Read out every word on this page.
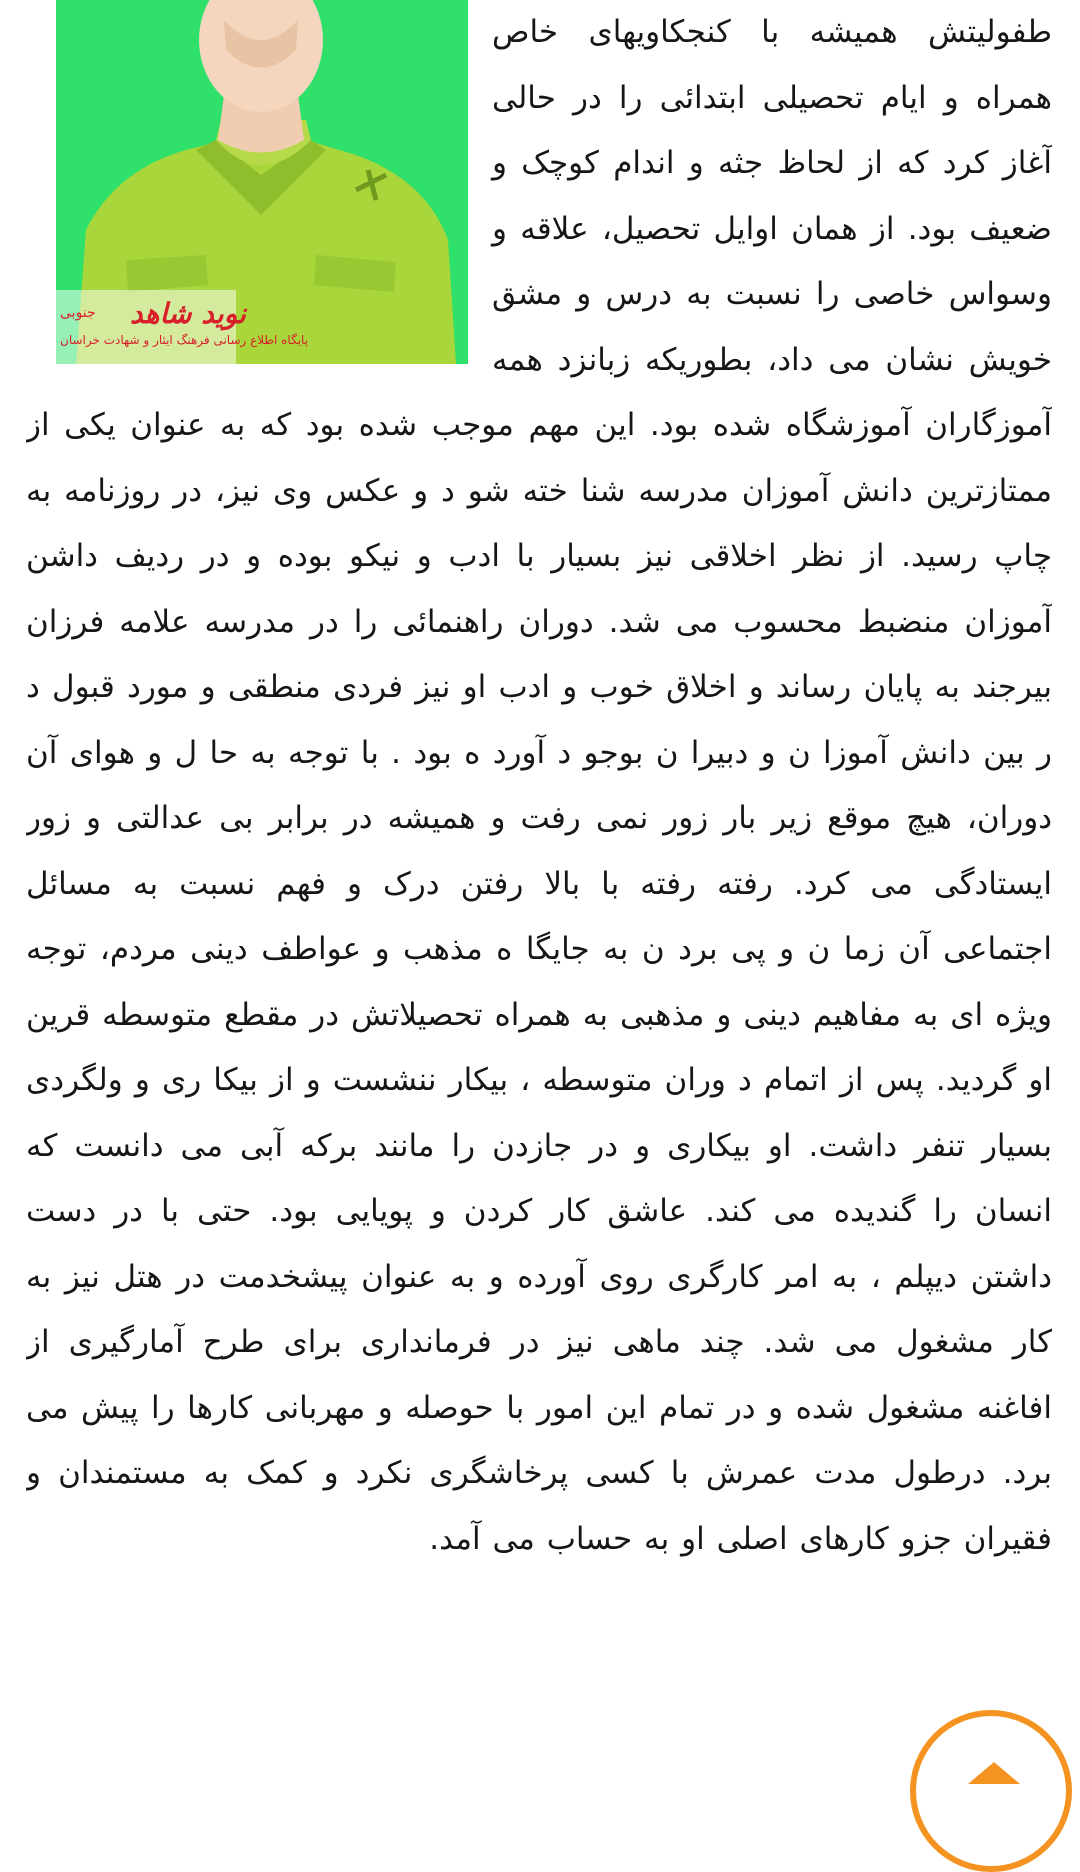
نوید شاهد
جنوبی
پایگاه اطلاع رسانی فرهنگ ایثار و شهادت خراسان

طفولیتش همیشه با کنجکاویهای خاص همراه و ایام تحصیلی ابتدائی را در حالی آغاز کرد که از لحاظ جثه و اندام کوچک و ضعیف بود. از همان اوایل تحصیل، علاقه و وسواس خاصی را نسبت به درس و مشق خویش نشان می داد، بطوریکه زبانزد همه آموزگاران آموزشگاه شده بود. این مهم موجب شده بود که به عنوان یکی از ممتازترین دانش آموزان مدرسه شنا خته شو د و عکس وی نیز، در روزنامه به چاپ رسید. از نظر اخلاقی نیز بسیار با ادب و نیکو بوده و در ردیف داشن آموزان منضبط محسوب می شد. دوران راهنمائی را در مدرسه علامه فرزان بیرجند به پایان رساند و اخلاق خوب و ادب او نیز فردی منطقی و مورد قبول د ر بین دانش آموزا ن و دبیرا ن بوجو د آورد ه بود . با توجه به حا ل و هوای آن دوران، هیچ موقع زیر بار زور نمی رفت و همیشه در برابر بی عدالتی و زور ایستادگی می کرد. رفته رفته با بالا رفتن درک و فهم نسبت به مسائل اجتماعی آن زما ن و پی برد ن به جایگا ه مذهب و عواطف دینی مردم، توجه ویژه ای به مفاهیم دینی و مذهبی به همراه تحصیلاتش در مقطع متوسطه قرین او گردید. پس از اتمام د وران متوسطه ، بیکار ننشست و از بیکا ری و ولگردی بسیار تنفر داشت. او بیکاری و در جازدن را مانند برکه آبی می دانست که انسان را گندیده می کند. عاشق کار کردن و پویایی بود. حتی با در دست داشتن دیپلم ، به امر کارگری روی آورده و به عنوان پیشخدمت در هتل نیز به کار مشغول می شد. چند ماهی نیز در فرمانداری برای طرح آمارگیری از افاغنه مشغول شده و در تمام این امور با حوصله و مهربانی کارها را پیش می برد. درطول مدت عمرش با کسی پرخاشگری نکرد و کمک به مستمندان و فقیران جزو کارهای اصلی او به حساب می آمد.
